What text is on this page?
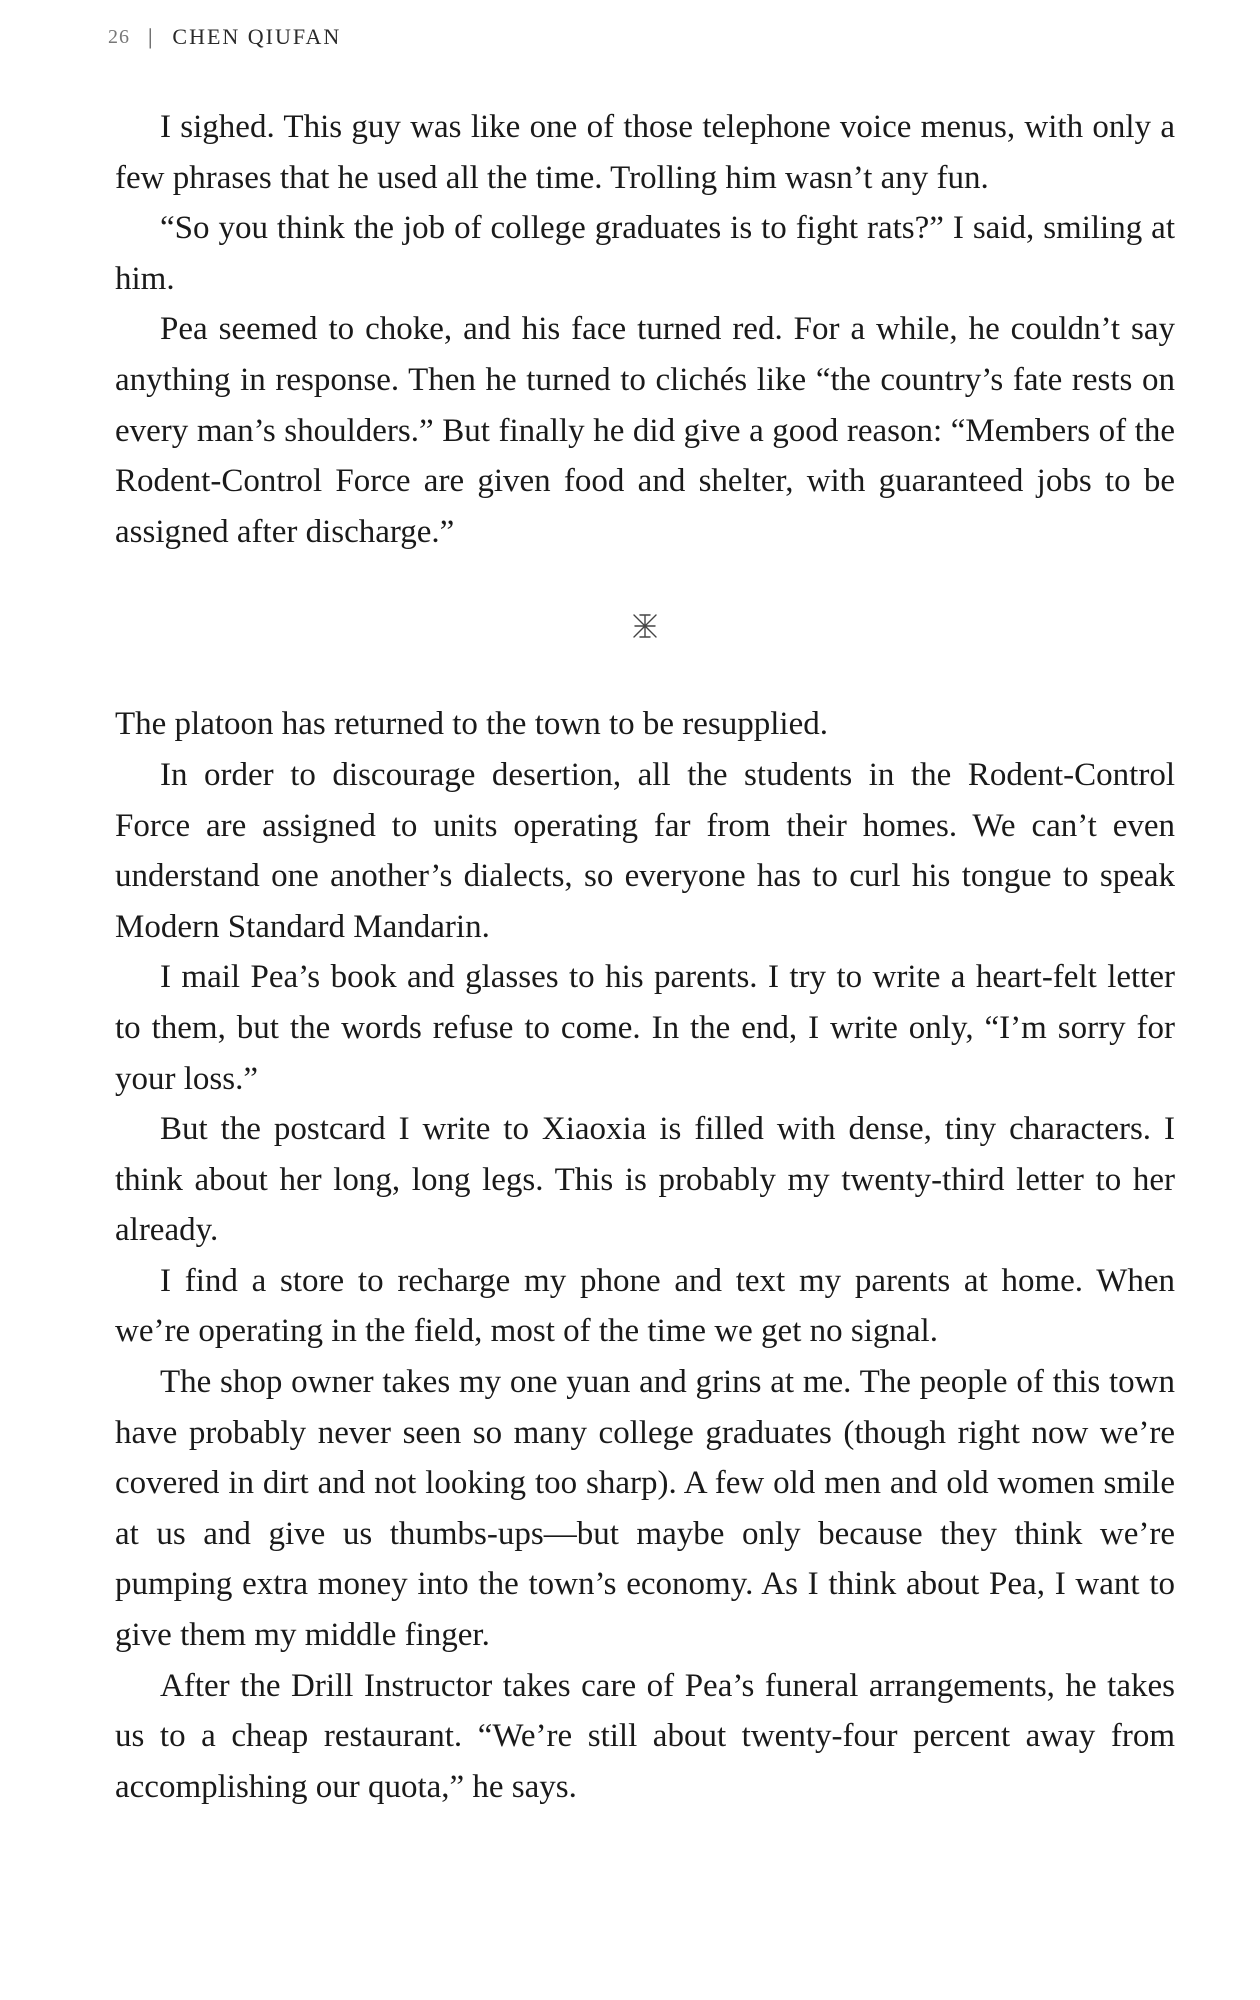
26 | CHEN QIUFAN

I sighed. This guy was like one of those telephone voice menus, with only a few phrases that he used all the time. Trolling him wasn’t any fun.

“So you think the job of college graduates is to fight rats?” I said, smiling at him.

Pea seemed to choke, and his face turned red. For a while, he couldn’t say anything in response. Then he turned to clichés like “the country’s fate rests on every man’s shoulders.” But finally he did give a good reason: “Members of the Rodent-Control Force are given food and shelter, with guaranteed jobs to be assigned after discharge.”

The platoon has returned to the town to be resupplied.

In order to discourage desertion, all the students in the Rodent-Control Force are assigned to units operating far from their homes. We can’t even understand one another’s dialects, so everyone has to curl his tongue to speak Modern Standard Mandarin.

I mail Pea’s book and glasses to his parents. I try to write a heart-felt letter to them, but the words refuse to come. In the end, I write only, “I’m sorry for your loss.”

But the postcard I write to Xiaoxia is filled with dense, tiny characters. I think about her long, long legs. This is probably my twenty-third letter to her already.

I find a store to recharge my phone and text my parents at home. When we’re operating in the field, most of the time we get no signal.

The shop owner takes my one yuan and grins at me. The people of this town have probably never seen so many college graduates (though right now we’re covered in dirt and not looking too sharp). A few old men and old women smile at us and give us thumbs-ups—but maybe only because they think we’re pumping extra money into the town’s economy. As I think about Pea, I want to give them my middle finger.

After the Drill Instructor takes care of Pea’s funeral arrangements, he takes us to a cheap restaurant. “We’re still about twenty-four percent away from accomplishing our quota,” he says.
